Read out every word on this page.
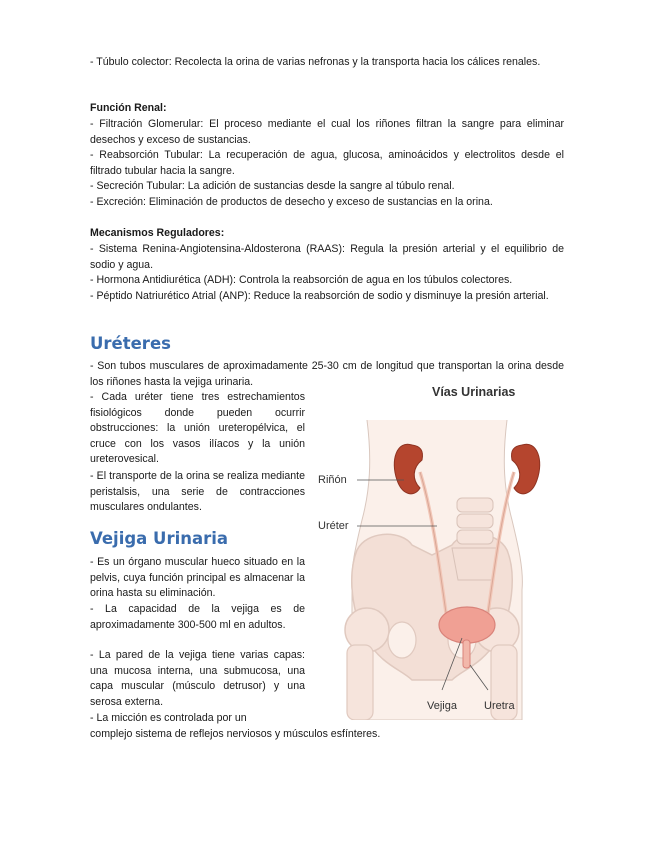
- Túbulo colector: Recolecta la orina de varias nefronas y la transporta hacia los cálices renales.

Función Renal:

- Filtración Glomerular: El proceso mediante el cual los riñones filtran la sangre para eliminar desechos y exceso de sustancias.

- Reabsorción Tubular: La recuperación de agua, glucosa, aminoácidos y electrolitos desde el filtrado tubular hacia la sangre.

- Secreción Tubular: La adición de sustancias desde la sangre al túbulo renal.

- Excreción: Eliminación de productos de desecho y exceso de sustancias en la orina.

Mecanismos Reguladores:

- Sistema Renina-Angiotensina-Aldosterona (RAAS): Regula la presión arterial y el equilibrio de sodio y agua.

- Hormona Antidiurética (ADH): Controla la reabsorción de agua en los túbulos colectores.

- Péptido Natriurético Atrial (ANP): Reduce la reabsorción de sodio y disminuye la presión arterial.

Uréteres

- Son tubos musculares de aproximadamente 25-30 cm de longitud que transportan la orina desde los riñones hasta la vejiga urinaria.

- Cada uréter tiene tres estrechamientos fisiológicos donde pueden ocurrir obstrucciones: la unión ureteropélvica, el cruce con los vasos ilíacos y la unión ureterovesical.

- El transporte de la orina se realiza mediante peristalsis, una serie de contracciones musculares ondulantes.

Vejiga Urinaria

- Es un órgano muscular hueco situado en la pelvis, cuya función principal es almacenar la orina hasta su eliminación.

- La capacidad de la vejiga es de aproximadamente 300-500 ml en adultos.

- La pared de la vejiga tiene varias capas: una mucosa interna, una submucosa, una capa muscular (músculo detrusor) y una serosa externa.

- La micción es controlada por un

complejo sistema de reflejos nerviosos y músculos esfínteres.

Vías Urinarias
Riñón
Uréter
Vejiga Uretra
